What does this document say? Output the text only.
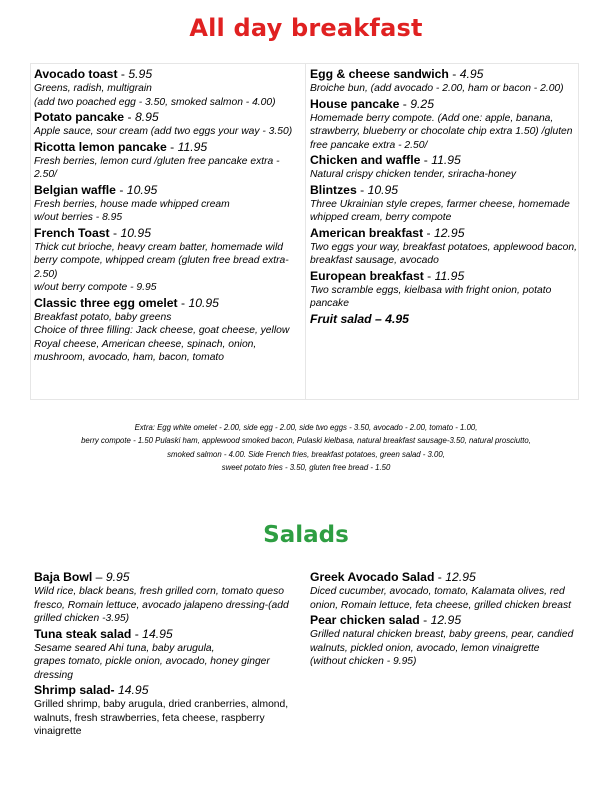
All day breakfast
Avocado toast - 5.95
Greens, radish, multigrain
(add two poached egg - 3.50, smoked salmon - 4.00)
Potato pancake - 8.95
Apple sauce, sour cream (add two eggs your way - 3.50)
Ricotta lemon pancake - 11.95
Fresh berries, lemon curd /gluten free pancake extra - 2.50/
Belgian waffle - 10.95
Fresh berries, house made whipped cream
w/out berries - 8.95
French Toast - 10.95
Thick cut brioche, heavy cream batter, homemade wild berry compote, whipped cream (gluten free bread extra- 2.50)
w/out berry compote - 9.95
Classic three egg omelet - 10.95
Breakfast potato, baby greens
Choice of three filling: Jack cheese, goat cheese, yellow Royal cheese, American cheese, spinach, onion, mushroom, avocado, ham, bacon, tomato
Egg & cheese sandwich - 4.95
Broiche bun, (add avocado - 2.00, ham or bacon - 2.00)
House pancake - 9.25
Homemade berry compote. (Add one: apple, banana, strawberry, blueberry or chocolate chip extra 1.50) /gluten free pancake extra - 2.50/
Chicken and waffle - 11.95
Natural crispy chicken tender, sriracha-honey
Blintzes - 10.95
Three Ukrainian style crepes, farmer cheese, homemade whipped cream, berry compote
American breakfast - 12.95
Two eggs your way, breakfast potatoes, applewood bacon, breakfast sausage, avocado
European breakfast - 11.95
Two scramble eggs, kielbasa with fright onion, potato pancake
Fruit salad – 4.95
Extra: Egg white omelet - 2.00, side egg - 2.00, side two eggs - 3.50, avocado - 2.00, tomato - 1.00,
berry compote - 1.50 Pulaski ham, applewood smoked bacon, Pulaski kielbasa, natural breakfast sausage-3.50, natural prosciutto,
smoked salmon - 4.00. Side French fries, breakfast potatoes, green salad - 3.00,
sweet potato fries - 3.50, gluten free bread - 1.50
Salads
Baja Bowl – 9.95
Wild rice, black beans, fresh grilled corn, tomato queso fresco, Romain lettuce, avocado jalapeno dressing-(add grilled chicken -3.95)
Tuna steak salad - 14.95
Sesame seared Ahi tuna, baby arugula,
grapes tomato, pickle onion, avocado, honey ginger dressing
Shrimp salad- 14.95
Grilled shrimp, baby arugula, dried cranberries, almond, walnuts, fresh strawberries, feta cheese, raspberry vinaigrette
Greek Avocado Salad - 12.95
Diced cucumber, avocado, tomato, Kalamata olives, red onion, Romain lettuce, feta cheese, grilled chicken breast
Pear chicken salad - 12.95
Grilled natural chicken breast, baby greens, pear, candied walnuts, pickled onion, avocado, lemon vinaigrette
(without chicken - 9.95)
